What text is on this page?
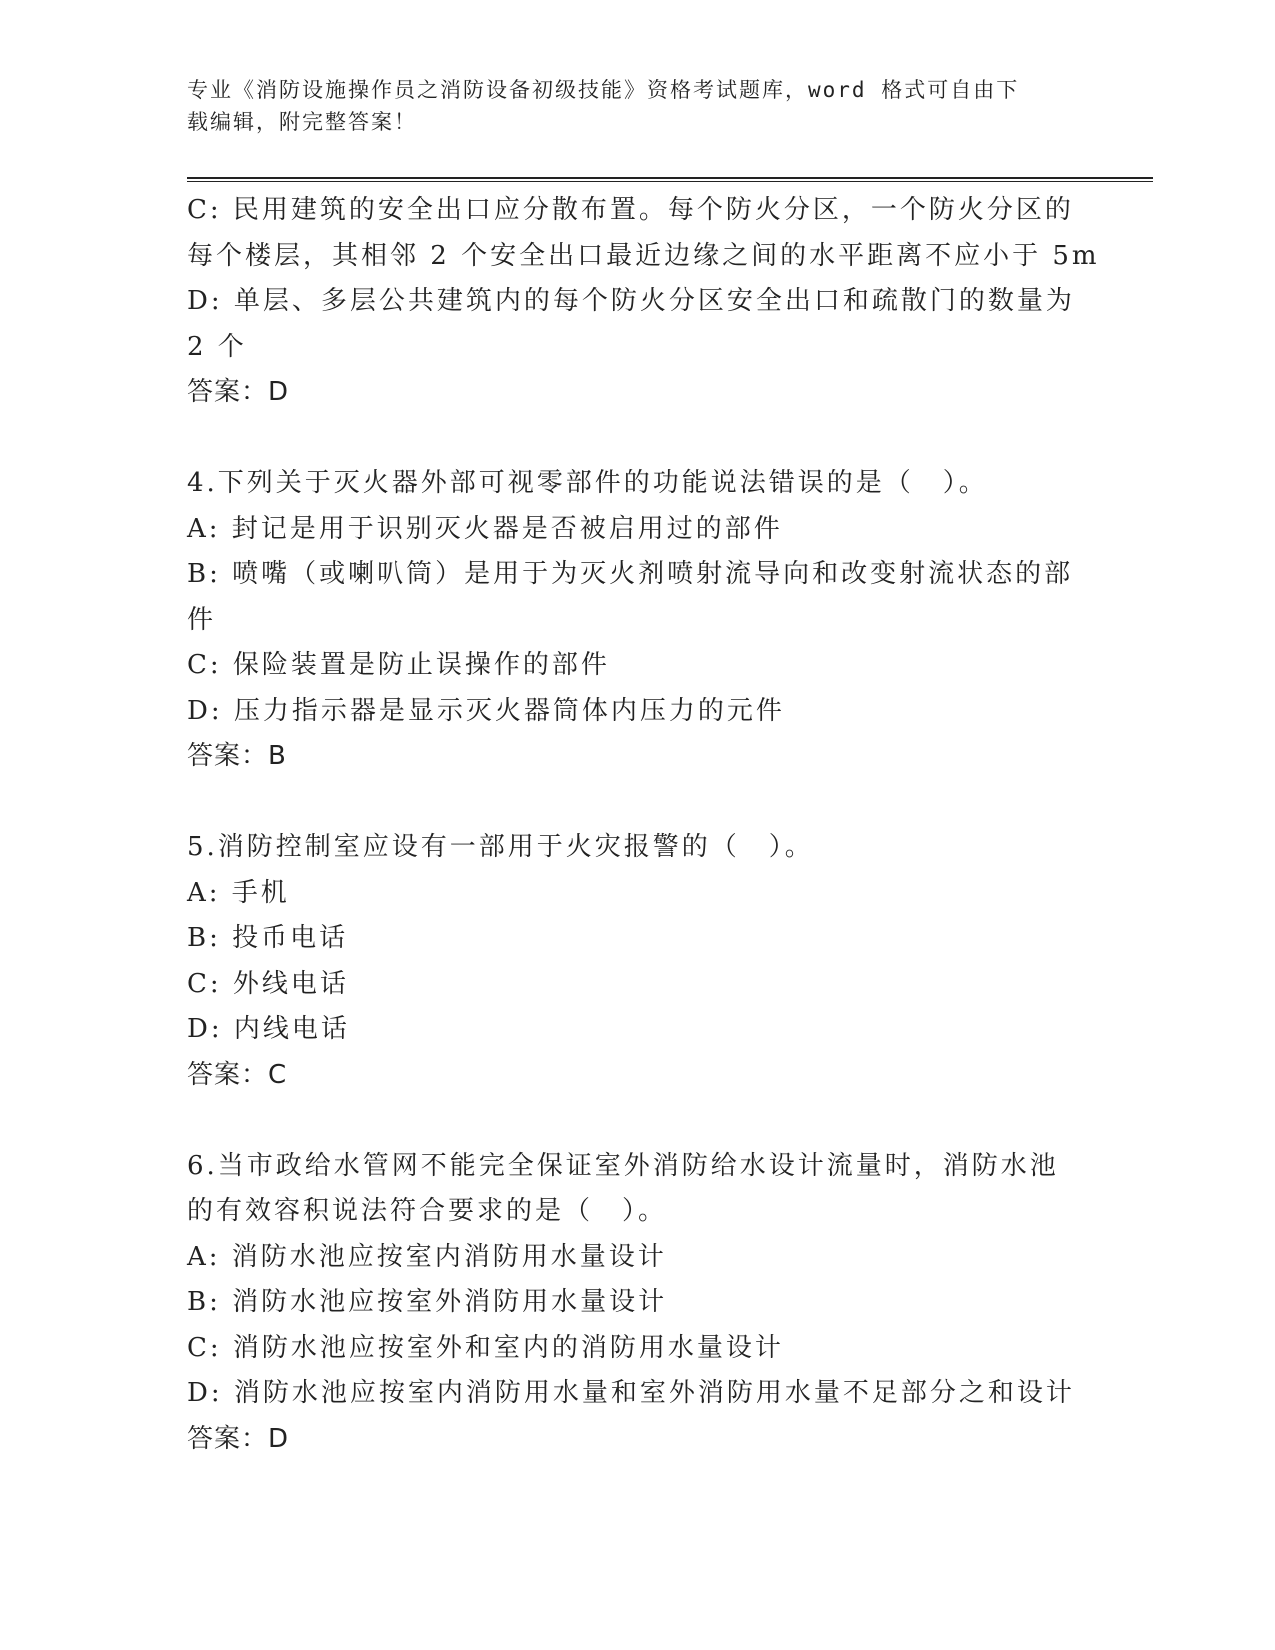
专业《消防设施操作员之消防设备初级技能》资格考试题库，word 格式可自由下
载编辑，附完整答案！
C: 民用建筑的安全出口应分散布置。每个防火分区，一个防火分区的
每个楼层，其相邻 2 个安全出口最近边缘之间的水平距离不应小于 5m
D: 单层、多层公共建筑内的每个防火分区安全出口和疏散门的数量为
2 个
答案：D
4.下列关于灭火器外部可视零部件的功能说法错误的是（　）。
A: 封记是用于识别灭火器是否被启用过的部件
B: 喷嘴（或喇叭筒）是用于为灭火剂喷射流导向和改变射流状态的部
件
C: 保险装置是防止误操作的部件
D: 压力指示器是显示灭火器筒体内压力的元件
答案：B
5.消防控制室应设有一部用于火灾报警的（　）。
A: 手机
B: 投币电话
C: 外线电话
D: 内线电话
答案：C
6.当市政给水管网不能完全保证室外消防给水设计流量时，消防水池
的有效容积说法符合要求的是（　）。
A: 消防水池应按室内消防用水量设计
B: 消防水池应按室外消防用水量设计
C: 消防水池应按室外和室内的消防用水量设计
D: 消防水池应按室内消防用水量和室外消防用水量不足部分之和设计
答案：D
